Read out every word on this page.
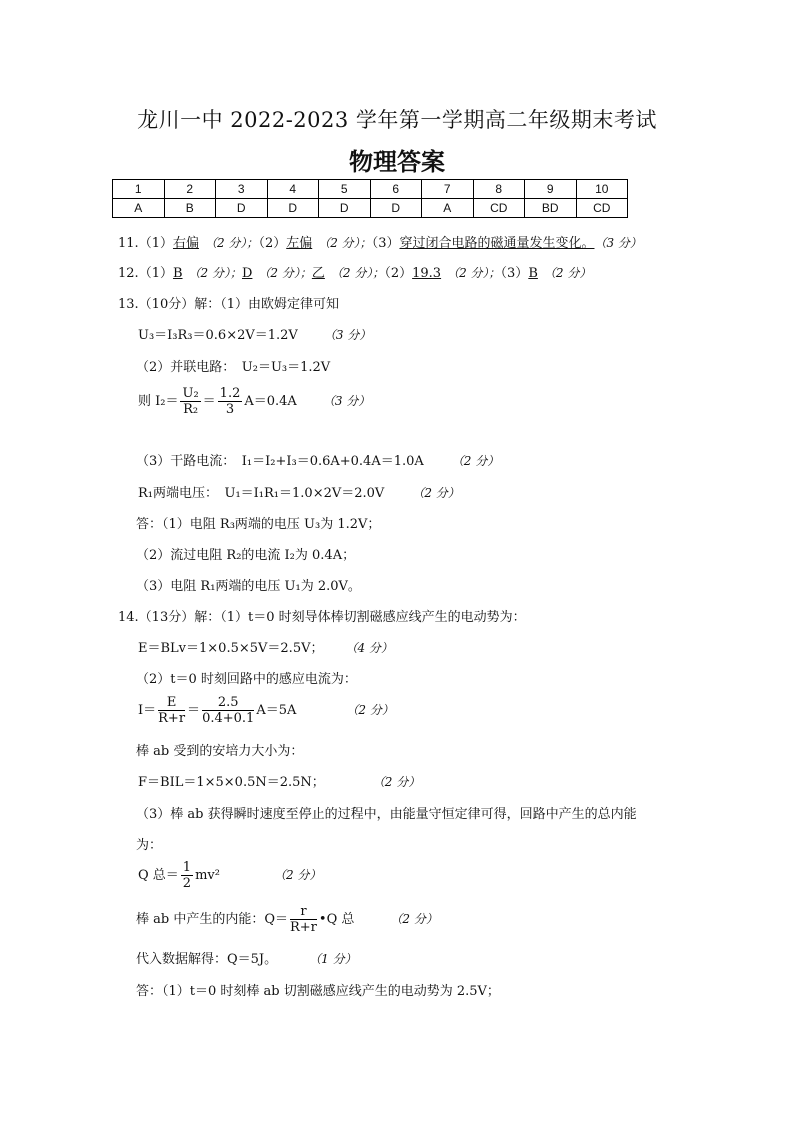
龙川一中 2022-2023 学年第一学期高二年级期末考试
物理答案
1	2	3	4	5	6	7	8	9	10
A	B	D	D	D	D	A	CD	BD	CD
11.（1）右偏 （2 分）；（2）左偏 （2 分）；（3）穿过闭合电路的磁通量发生变化。 （3 分）
12.（1）B （2 分）；D （2 分）；乙 （2 分）；（2）19.3 （2 分）；（3）B （2 分）
13.（10分）解：（1）由欧姆定律可知
U₃＝I₃R₃＝0.6×2V＝1.2V （3 分）
（2）并联电路：　U₂＝U₃＝1.2V
则 $I_2= \frac{\text{U₂}}{\text{R₂}} = \frac{1.2}{3} A=0.4A$ （3 分）
（3）干路电流：　I₁＝I₂+I₃＝0.6A+0.4A＝1.0A （2 分）
R₁两端电压：　U₁＝I₁R₁＝1.0×2V＝2.0V （2 分）
答：（1）电阻 R₃两端的电压 U₃为 1.2V；
（2）流过电阻 R₂的电流 I₂为 0.4A；
（3）电阻 R₁两端的电压 U₁为 2.0V。
14.（13分）解：（1）t＝0 时刻导体棒切割磁感应线产生的电动势为：
E＝BLv＝1×0.5×5V＝2.5V； （4 分）
（2）t＝0 时刻回路中的感应电流为：
$I= \frac{E}{R+r} = \frac{2.5}{0.4+0.1} A=5A$	（2 分）
棒 ab 受到的安培力大小为：
F＝BIL＝1×5×0.5N＝2.5N；	（2 分）
（3）棒 ab 获得瞬时速度至停止的过程中，由能量守恒定律可得，回路中产生的总内能
为：
Q 总＝ $\frac{1}{2} mv^2$	（2 分）
棒 ab 中产生的内能：$Q= \frac{r}{R+r}$ •Q 总	（2 分）
代入数据解得：Q＝5J。	（1 分）
答：（1）t＝0 时刻棒 ab 切割磁感应线产生的电动势为 2.5V；
